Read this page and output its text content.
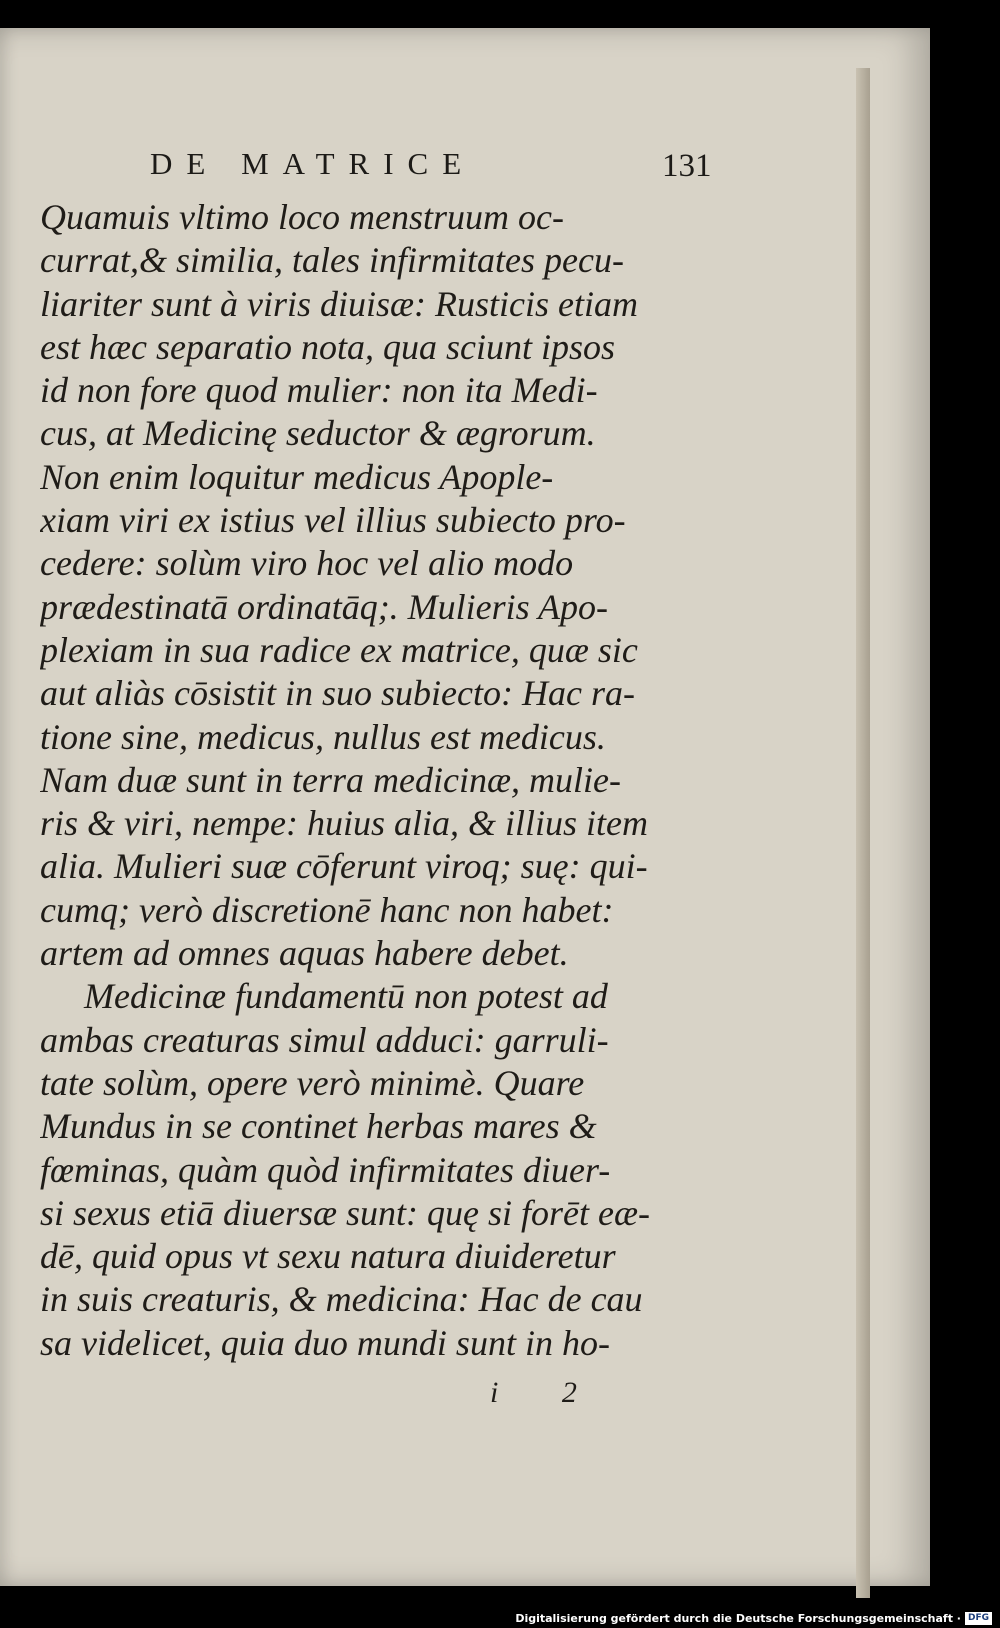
DE MATRICE	131
Quamuis vltimo loco menstruum oc-
currat,& similia, tales infirmitates pecu-
liariter sunt à viris diuisæ: Rusticis etiam
est hæc separatio nota, qua sciunt ipsos
id non fore quod mulier: non ita Medi-
cus, at Medicinę seductor & ægrorum.
Non enim loquitur medicus Apople-
xiam viri ex istius vel illius subiecto pro-
cedere: solùm viro hoc vel alio modo
prædestinatā ordinatāq;. Mulieris Apo-
plexiam in sua radice ex matrice, quæ sic
aut aliàs cōsistit in suo subiecto: Hac ra-
tione sine, medicus, nullus est medicus.
Nam duæ sunt in terra medicinæ, mulie-
ris & viri, nempe: huius alia, & illius item
alia. Mulieri suæ cōferunt viroq; suę: qui-
cumq; verò discretionē hanc non habet:
artem ad omnes aquas habere debet.
Medicinæ fundamentū non potest ad
ambas creaturas simul adduci: garruli-
tate solùm, opere verò minimè. Quare
Mundus in se continet herbas mares &
fœminas, quàm quòd infirmitates diuer-
si sexus etiā diuersæ sunt: quę si forēt eæ-
dē, quid opus vt sexu natura diuideretur
in suis creaturis, & medicina: Hac de cau
sa videlicet, quia duo mundi sunt in ho-
i 2
Digitalisierung gefördert durch die Deutsche Forschungsgemeinschaft · DFG
